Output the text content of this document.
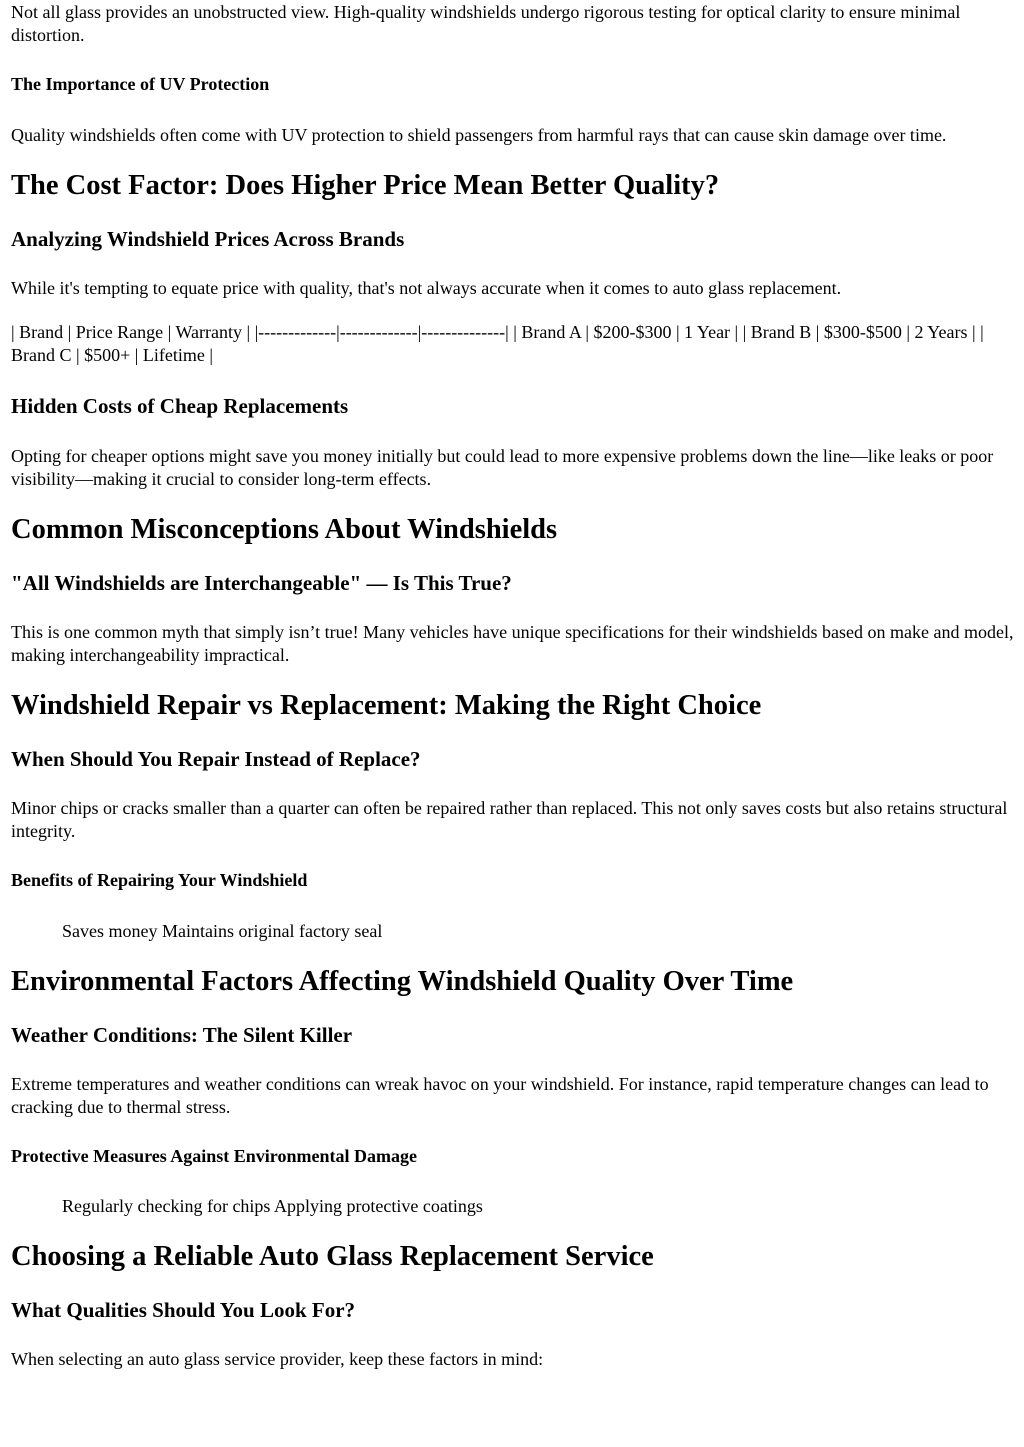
Not all glass provides an unobstructed view. High-quality windshields undergo rigorous testing for optical clarity to ensure minimal distortion.

The Importance of UV Protection

Quality windshields often come with UV protection to shield passengers from harmful rays that can cause skin damage over time.

The Cost Factor: Does Higher Price Mean Better Quality?
Analyzing Windshield Prices Across Brands

While it's tempting to equate price with quality, that's not always accurate when it comes to auto glass replacement.

| Brand | Price Range | Warranty | |-------------|-------------|--------------| | Brand A | $200-$300 | 1 Year | | Brand B | $300-$500 | 2 Years | | Brand C | $500+ | Lifetime |

Hidden Costs of Cheap Replacements

Opting for cheaper options might save you money initially but could lead to more expensive problems down the line—like leaks or poor visibility—making it crucial to consider long-term effects.

Common Misconceptions About Windshields
"All Windshields are Interchangeable" — Is This True?

This is one common myth that simply isn’t true! Many vehicles have unique specifications for their windshields based on make and model, making interchangeability impractical.

Windshield Repair vs Replacement: Making the Right Choice
When Should You Repair Instead of Replace?

Minor chips or cracks smaller than a quarter can often be repaired rather than replaced. This not only saves costs but also retains structural integrity.

Benefits of Repairing Your Windshield

Saves money Maintains original factory seal

Environmental Factors Affecting Windshield Quality Over Time
Weather Conditions: The Silent Killer

Extreme temperatures and weather conditions can wreak havoc on your windshield. For instance, rapid temperature changes can lead to cracking due to thermal stress.

Protective Measures Against Environmental Damage

Regularly checking for chips Applying protective coatings

Choosing a Reliable Auto Glass Replacement Service
What Qualities Should You Look For?

When selecting an auto glass service provider, keep these factors in mind:
